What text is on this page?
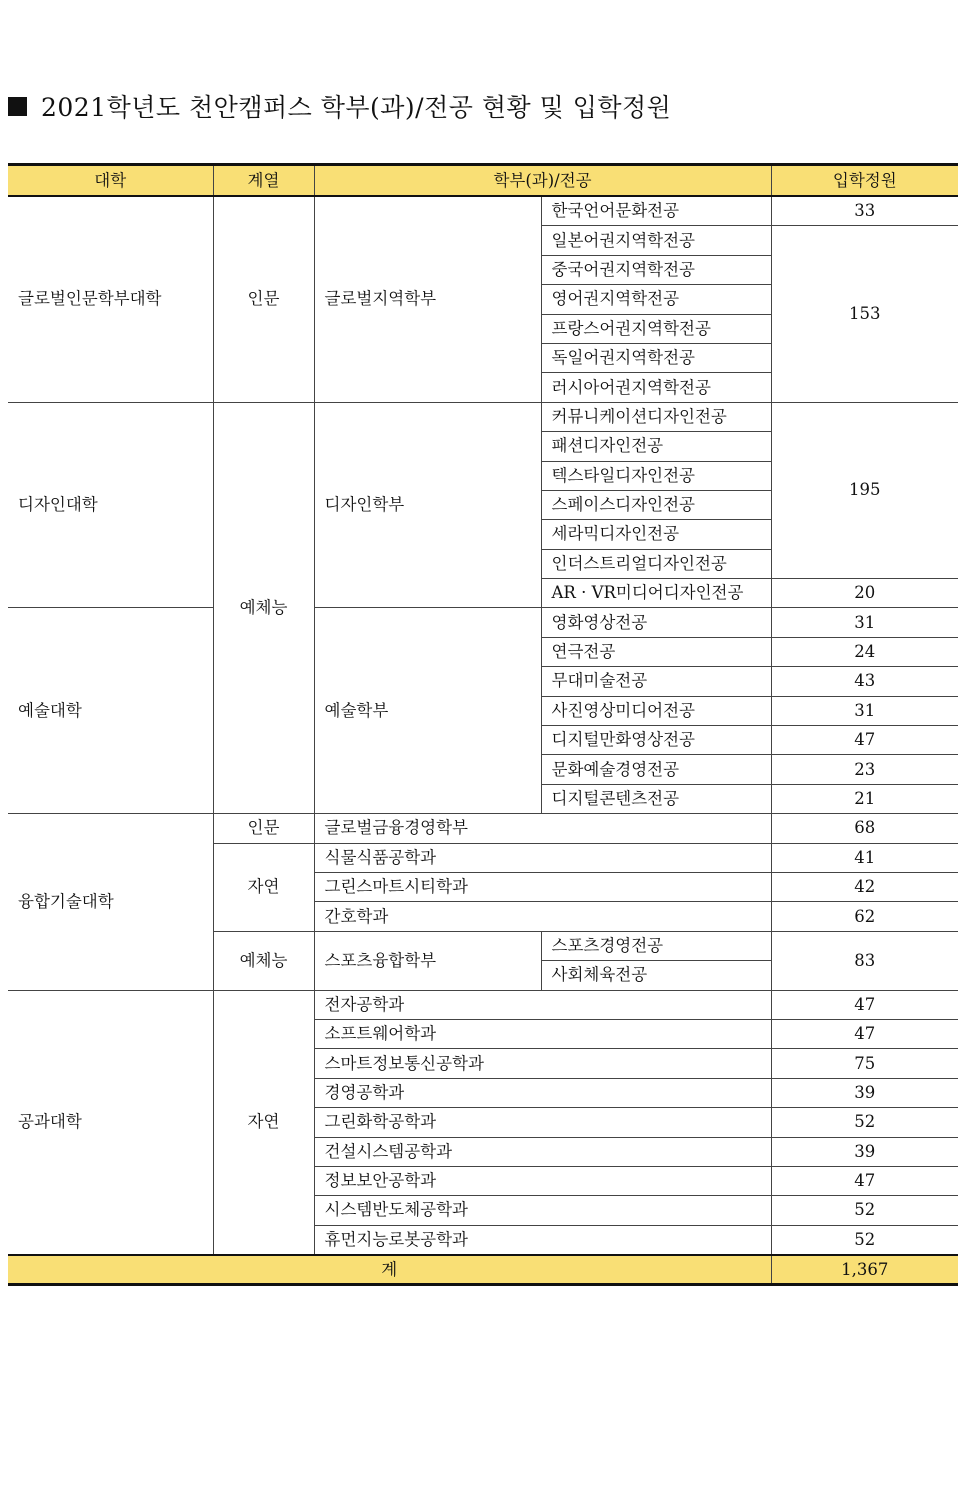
2021학년도 천안캠퍼스 학부(과)/전공 현황 및 입학정원
대학	계열	학부(과)/전공		입학정원
글로벌인문학부대학	인문	글로벌지역학부	한국언어문화전공	33
			일본어권지역학전공	153
			중국어권지역학전공	
			영어권지역학전공	
			프랑스어권지역학전공	
			독일어권지역학전공	
			러시아어권지역학전공	
디자인대학	예체능	디자인학부	커뮤니케이션디자인전공	195
			패션디자인전공	
			텍스타일디자인전공	
			스페이스디자인전공	
			세라믹디자인전공	
			인더스트리얼디자인전공	
			AR · VR미디어디자인전공	20
예술대학		예술학부	영화영상전공	31
			연극전공	24
			무대미술전공	43
			사진영상미디어전공	31
			디지털만화영상전공	47
			문화예술경영전공	23
			디지털콘텐츠전공	21
융합기술대학	인문	글로벌금융경영학부		68
	자연	식물식품공학과		41
		그린스마트시티학과		42
		간호학과		62
	예체능	스포츠융합학부	스포츠경영전공	83
			사회체육전공	
공과대학	자연	전자공학과		47
		소프트웨어학과		47
		스마트정보통신공학과		75
		경영공학과		39
		그린화학공학과		52
		건설시스템공학과		39
		정보보안공학과		47
		시스템반도체공학과		52
		휴먼지능로봇공학과		52
계				1,367
